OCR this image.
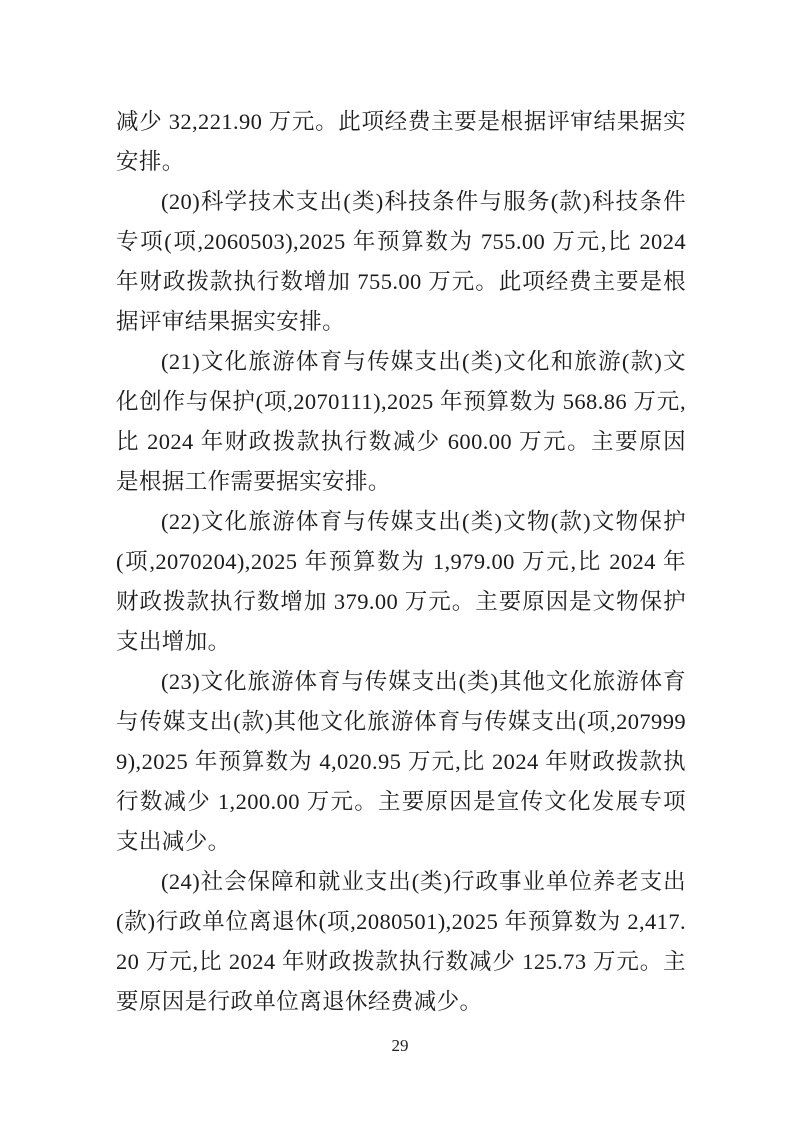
减少 32,221.90 万元。此项经费主要是根据评审结果据实安排。

(20)科学技术支出(类)科技条件与服务(款)科技条件专项(项,2060503),2025 年预算数为 755.00 万元,比 2024 年财政拨款执行数增加 755.00 万元。此项经费主要是根据评审结果据实安排。

(21)文化旅游体育与传媒支出(类)文化和旅游(款)文化创作与保护(项,2070111),2025 年预算数为 568.86 万元,比 2024 年财政拨款执行数减少 600.00 万元。主要原因是根据工作需要据实安排。

(22)文化旅游体育与传媒支出(类)文物(款)文物保护(项,2070204),2025 年预算数为 1,979.00 万元,比 2024 年财政拨款执行数增加 379.00 万元。主要原因是文物保护支出增加。

(23)文化旅游体育与传媒支出(类)其他文化旅游体育与传媒支出(款)其他文化旅游体育与传媒支出(项,2079999),2025 年预算数为 4,020.95 万元,比 2024 年财政拨款执行数减少 1,200.00 万元。主要原因是宣传文化发展专项支出减少。

(24)社会保障和就业支出(类)行政事业单位养老支出(款)行政单位离退休(项,2080501),2025 年预算数为 2,417.20 万元,比 2024 年财政拨款执行数减少 125.73 万元。主要原因是行政单位离退休经费减少。

29
